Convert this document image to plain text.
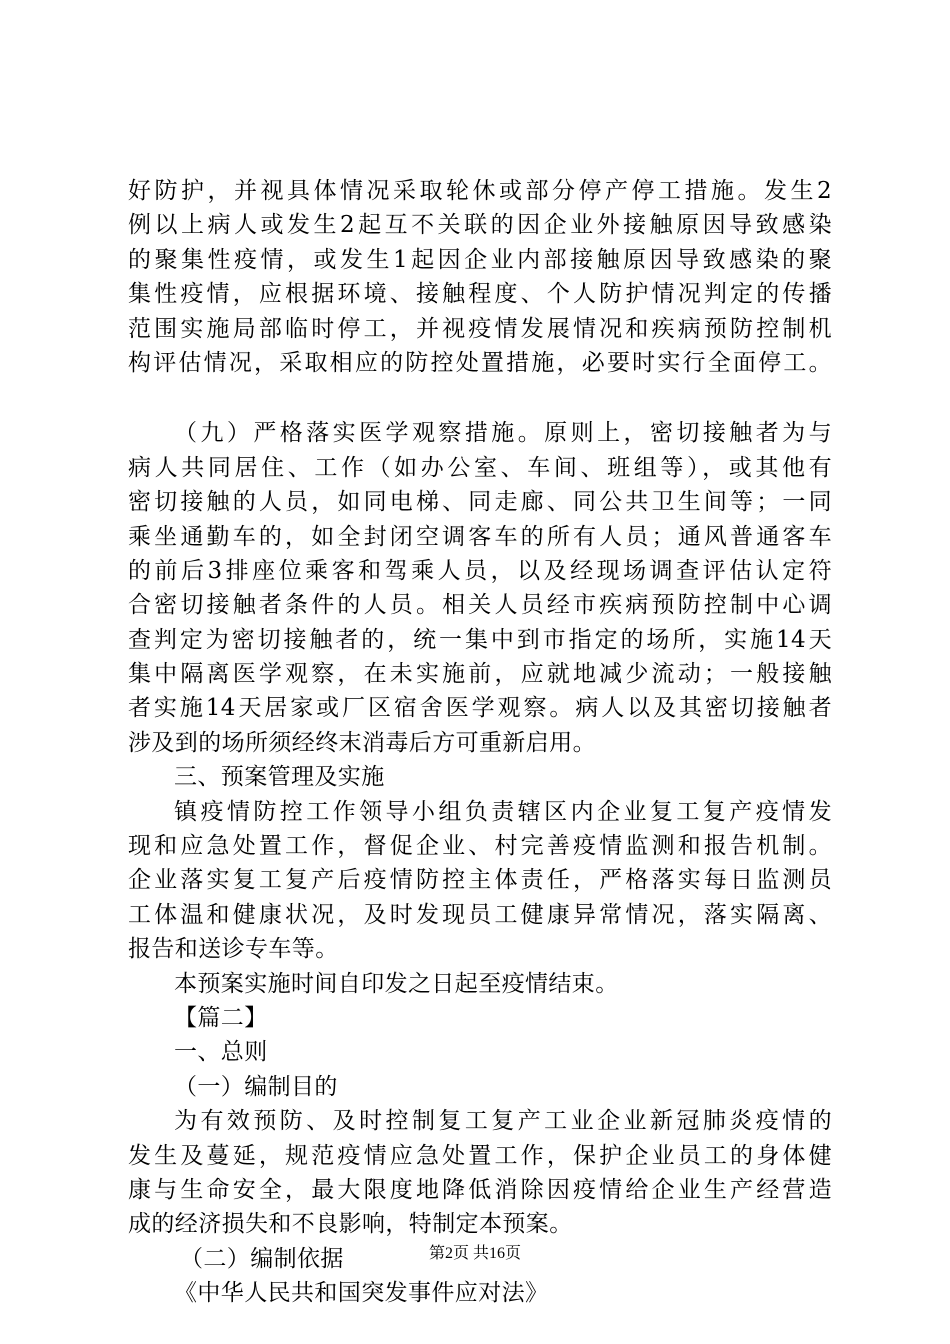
好防护，并视具体情况采取轮休或部分停产停工措施。发生2
例以上病人或发生2起互不关联的因企业外接触原因导致感染
的聚集性疫情，或发生1起因企业内部接触原因导致感染的聚
集性疫情，应根据环境、接触程度、个人防护情况判定的传播
范围实施局部临时停工，并视疫情发展情况和疾病预防控制机
构评估情况，采取相应的防控处置措施，必要时实行全面停工。
（九）严格落实医学观察措施。原则上，密切接触者为与
病人共同居住、工作（如办公室、车间、班组等），或其他有
密切接触的人员，如同电梯、同走廊、同公共卫生间等；一同
乘坐通勤车的，如全封闭空调客车的所有人员；通风普通客车
的前后3排座位乘客和驾乘人员，以及经现场调查评估认定符
合密切接触者条件的人员。相关人员经市疾病预防控制中心调
查判定为密切接触者的，统一集中到市指定的场所，实施14天
集中隔离医学观察，在未实施前，应就地减少流动；一般接触
者实施14天居家或厂区宿舍医学观察。病人以及其密切接触者
涉及到的场所须经终末消毒后方可重新启用。
三、预案管理及实施
镇疫情防控工作领导小组负责辖区内企业复工复产疫情发
现和应急处置工作，督促企业、村完善疫情监测和报告机制。
企业落实复工复产后疫情防控主体责任，严格落实每日监测员
工体温和健康状况，及时发现员工健康异常情况，落实隔离、
报告和送诊专车等。
本预案实施时间自印发之日起至疫情结束。
【篇二】
一、总则
（一）编制目的
为有效预防、及时控制复工复产工业企业新冠肺炎疫情的
发生及蔓延，规范疫情应急处置工作，保护企业员工的身体健
康与生命安全，最大限度地降低消除因疫情给企业生产经营造
成的经济损失和不良影响，特制定本预案。
（二）编制依据
《中华人民共和国突发事件应对法》
第2页 共16页
